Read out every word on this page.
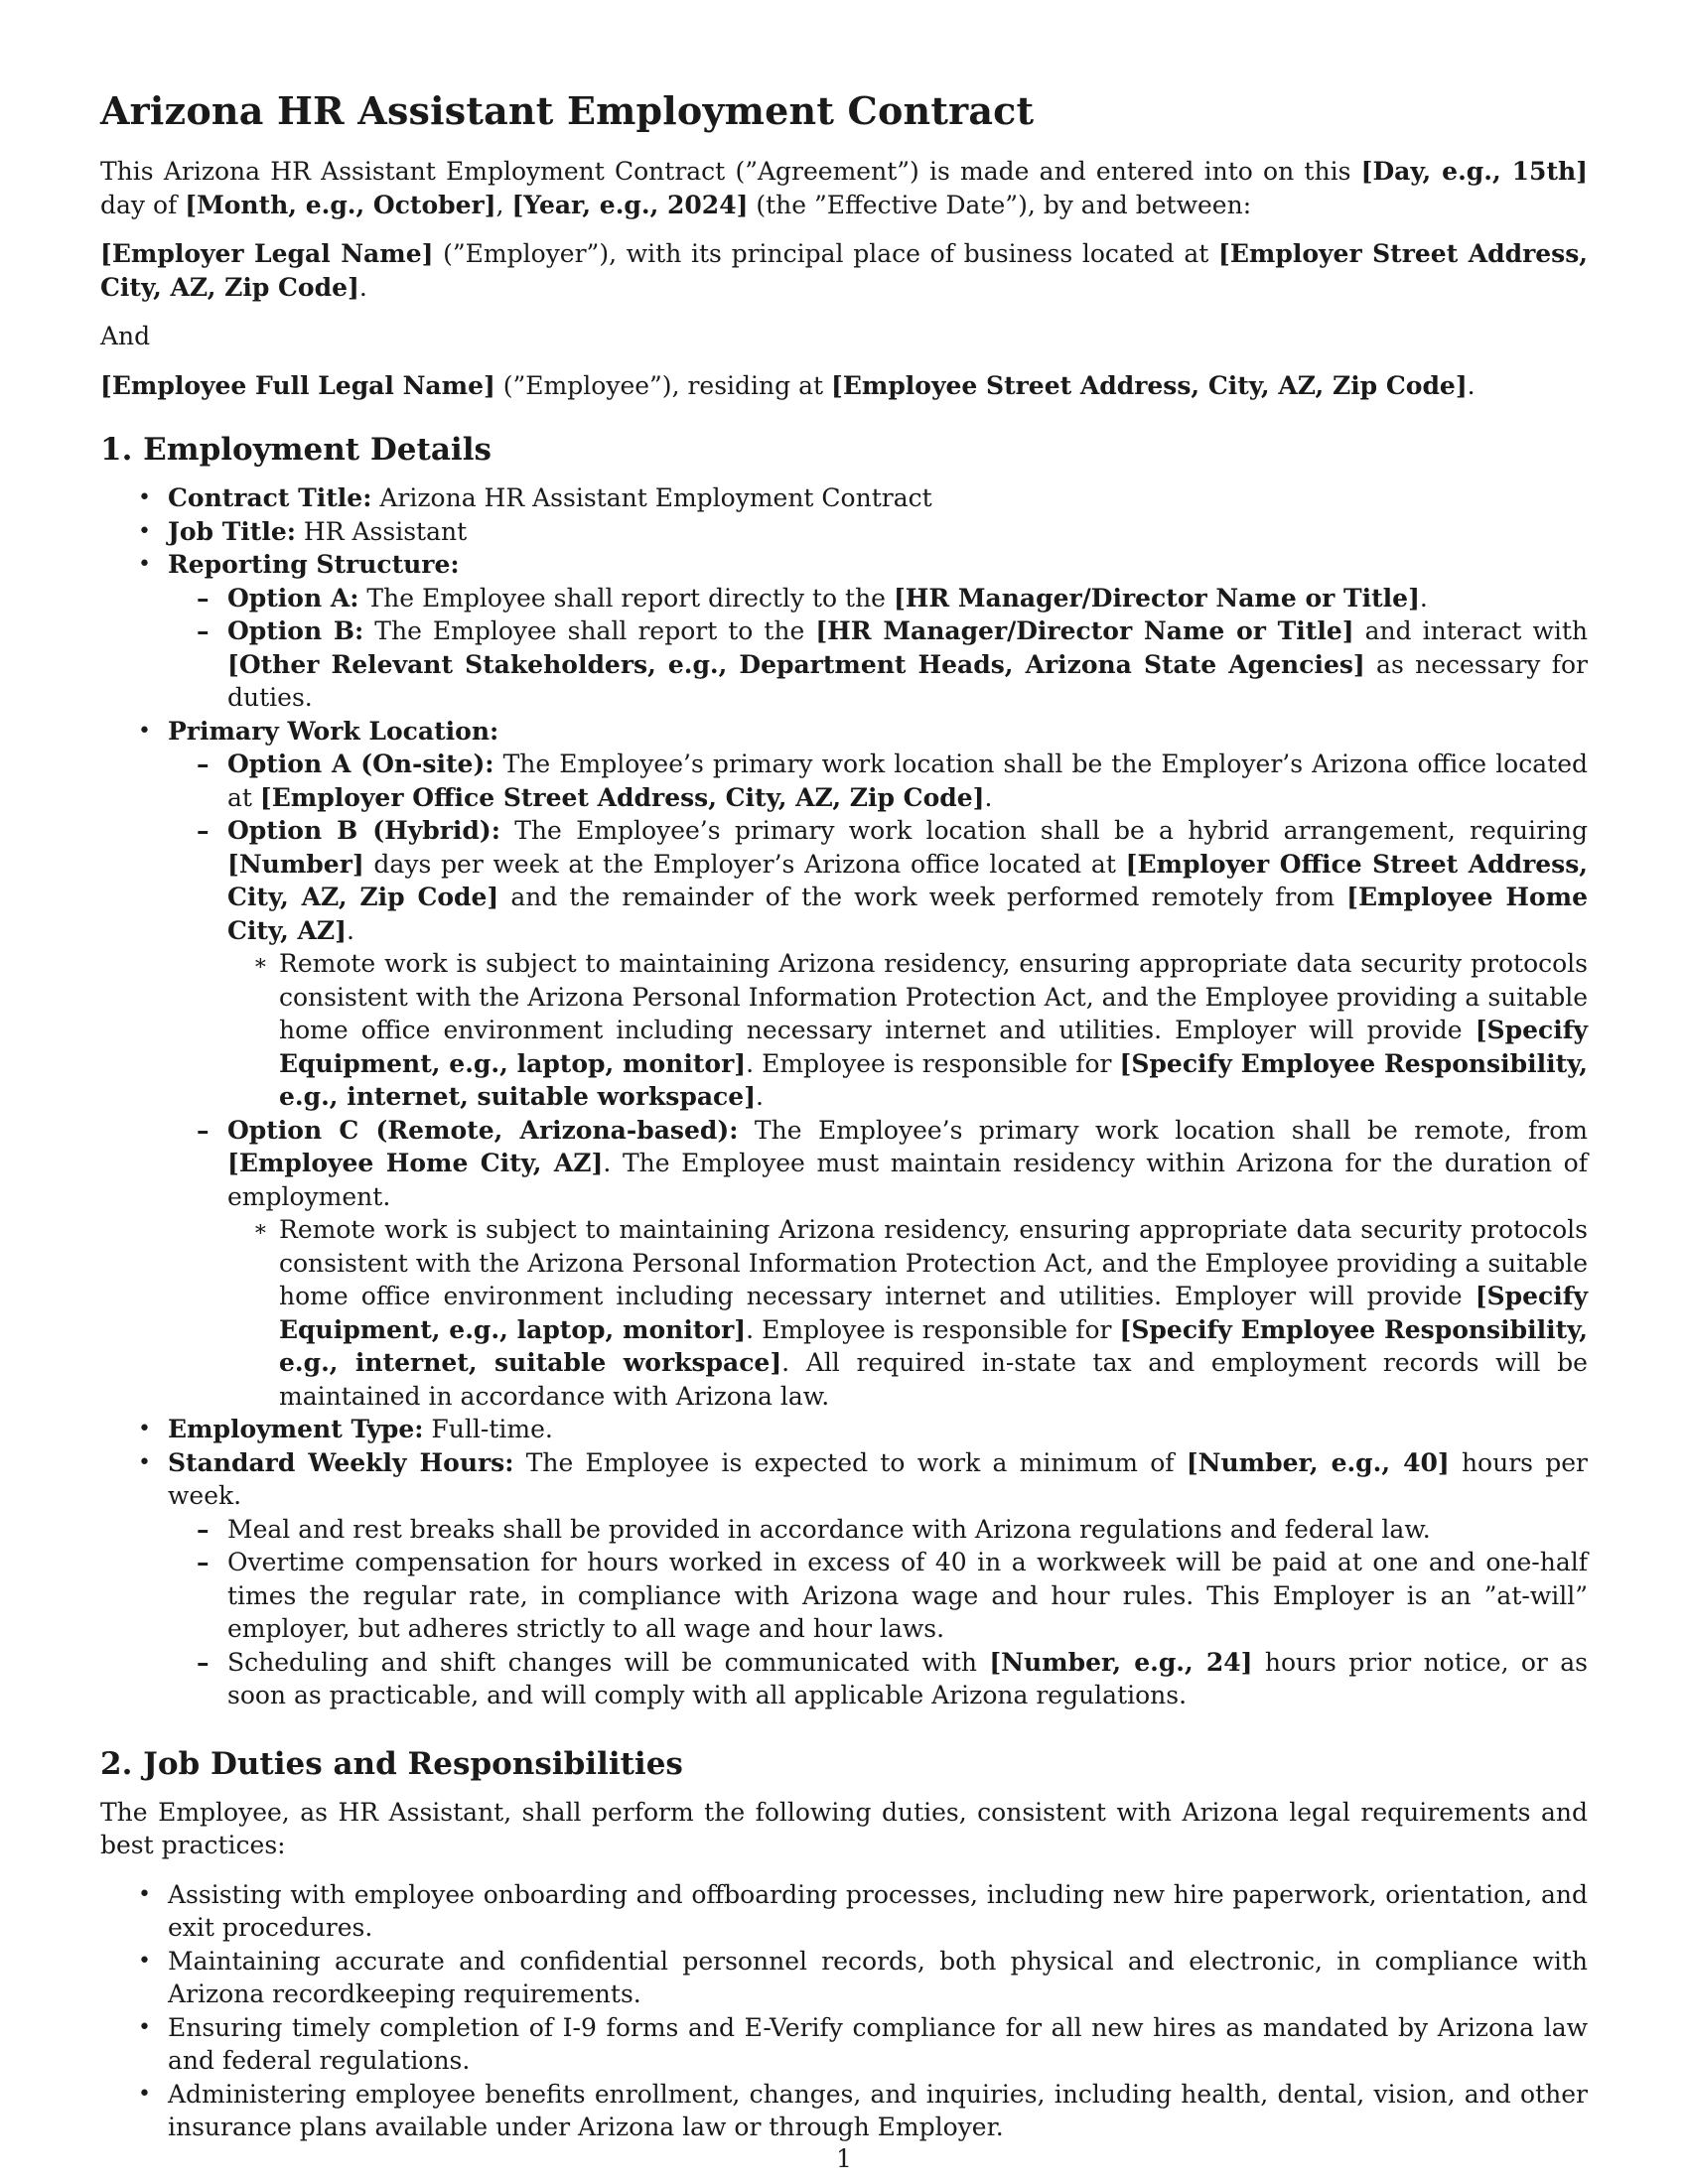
Arizona HR Assistant Employment Contract

This Arizona HR Assistant Employment Contract (”Agreement”) is made and entered into on this [Day, e.g., 15th] day of [Month, e.g., October], [Year, e.g., 2024] (the ”Effective Date”), by and between:

[Employer Legal Name] (”Employer”), with its principal place of business located at [Employer Street Address, City, AZ, Zip Code].

And

[Employee Full Legal Name] (”Employee”), residing at [Employee Street Address, City, AZ, Zip Code].

1. Employment Details
• Contract Title: Arizona HR Assistant Employment Contract
• Job Title: HR Assistant
• Reporting Structure:
– Option A: The Employee shall report directly to the [HR Manager/Director Name or Title].
– Option B: The Employee shall report to the [HR Manager/Director Name or Title] and interact with [Other Relevant Stakeholders, e.g., Department Heads, Arizona State Agencies] as necessary for duties.
• Primary Work Location:
– Option A (On-site): The Employee’s primary work location shall be the Employer’s Arizona office located at [Employer Office Street Address, City, AZ, Zip Code].
– Option B (Hybrid): The Employee’s primary work location shall be a hybrid arrangement, requiring [Number] days per week at the Employer’s Arizona office located at [Employer Office Street Address, City, AZ, Zip Code] and the remainder of the work week performed remotely from [Employee Home City, AZ].
∗ Remote work is subject to maintaining Arizona residency, ensuring appropriate data security protocols consistent with the Arizona Personal Information Protection Act, and the Employee providing a suitable home office environment including necessary internet and utilities. Employer will provide [Specify Equipment, e.g., laptop, monitor]. Employee is responsible for [Specify Employee Responsibility, e.g., internet, suitable workspace].
– Option C (Remote, Arizona-based): The Employee’s primary work location shall be remote, from [Employee Home City, AZ]. The Employee must maintain residency within Arizona for the duration of employment.
∗ Remote work is subject to maintaining Arizona residency, ensuring appropriate data security protocols consistent with the Arizona Personal Information Protection Act, and the Employee providing a suitable home office environment including necessary internet and utilities. Employer will provide [Specify Equipment, e.g., laptop, monitor]. Employee is responsible for [Specify Employee Responsibility, e.g., internet, suitable workspace]. All required in-state tax and employment records will be maintained in accordance with Arizona law.
• Employment Type: Full-time.
• Standard Weekly Hours: The Employee is expected to work a minimum of [Number, e.g., 40] hours per week.
– Meal and rest breaks shall be provided in accordance with Arizona regulations and federal law.
– Overtime compensation for hours worked in excess of 40 in a workweek will be paid at one and one-half times the regular rate, in compliance with Arizona wage and hour rules. This Employer is an ”at-will” employer, but adheres strictly to all wage and hour laws.
– Scheduling and shift changes will be communicated with [Number, e.g., 24] hours prior notice, or as soon as practicable, and will comply with all applicable Arizona regulations.
2. Job Duties and Responsibilities

The Employee, as HR Assistant, shall perform the following duties, consistent with Arizona legal requirements and best practices:

• Assisting with employee onboarding and offboarding processes, including new hire paperwork, orientation, and exit procedures.
• Maintaining accurate and confidential personnel records, both physical and electronic, in compliance with Arizona recordkeeping requirements.
• Ensuring timely completion of I-9 forms and E-Verify compliance for all new hires as mandated by Arizona law and federal regulations.
• Administering employee benefits enrollment, changes, and inquiries, including health, dental, vision, and other insurance plans available under Arizona law or through Employer.
1
